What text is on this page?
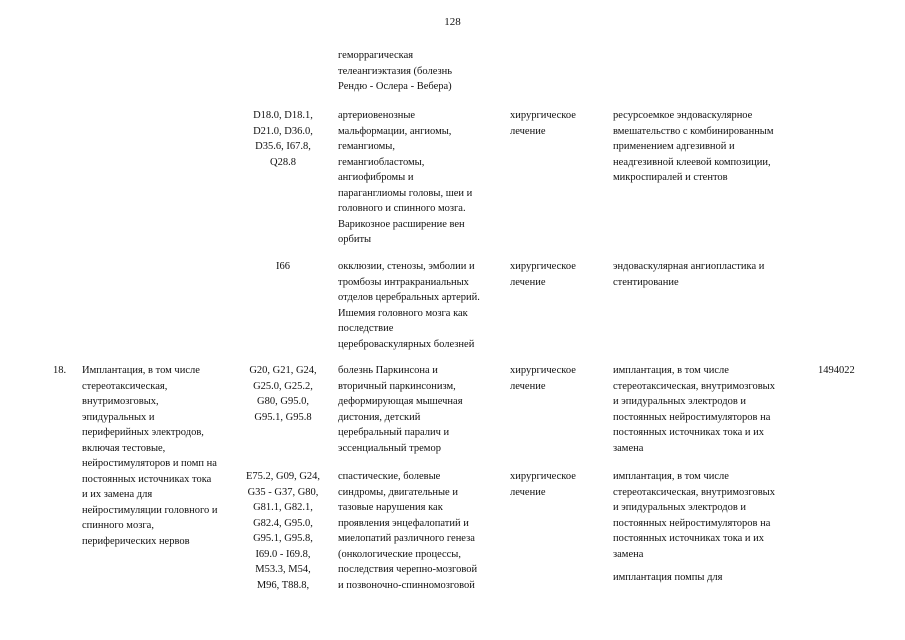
128
геморрагическая
телеангиэктазия (болезнь
Рендю - Ослера - Вебера)
D18.0, D18.1,
D21.0, D36.0,
D35.6, I67.8,
Q28.8
артериовенозные
мальформации, ангиомы,
гемангиомы,
гемангиобластомы,
ангиофибромы и
параганглиомы головы, шеи и
головного и спинного мозга.
Варикозное расширение вен
орбиты
хирургическое
лечение
ресурсоемкое эндоваскулярное
вмешательство с комбинированным
применением адгезивной и
неадгезивной клеевой композиции,
микроспиралей и стентов
I66	окклюзии, стенозы, эмболии и
тромбозы интракраниальных
отделов церебральных артерий.
Ишемия головного мозга как
последствие
цереброваскулярных болезней
хирургическое
лечение
эндоваскулярная ангиопластика и
стентирование
18.	Имплантация, в том числе
стереотаксическая,
внутримозговых,
эпидуральных и
периферийных электродов,
включая тестовые,
нейростимуляторов и помп на
постоянных источниках тока
и их замена для
нейростимуляции головного и
спинного мозга,
периферических нервов
G20, G21, G24,
G25.0, G25.2,
G80, G95.0,
G95.1, G95.8
болезнь Паркинсона и
вторичный паркинсонизм,
деформирующая мышечная
дистония, детский
церебральный паралич и
эссенциальный тремор
хирургическое
лечение
имплантация, в том числе
стереотаксическая, внутримозговых
и эпидуральных электродов и
постоянных нейростимуляторов на
постоянных источниках тока и их
замена
1494022
E75.2, G09, G24,
G35 - G37, G80,
G81.1, G82.1,
G82.4, G95.0,
G95.1, G95.8,
I69.0 - I69.8,
M53.3, M54,
M96, T88.8,
спастические, болевые
синдромы, двигательные и
тазовые нарушения как
проявления энцефалопатий и
миелопатий различного генеза
(онкологические процессы,
последствия черепно-мозговой
и позвоночно-спинномозговой
хирургическое
лечение
имплантация, в том числе
стереотаксическая, внутримозговых
и эпидуральных электродов и
постоянных нейростимуляторов на
постоянных источниках тока и их
замена
имплантация помпы для
